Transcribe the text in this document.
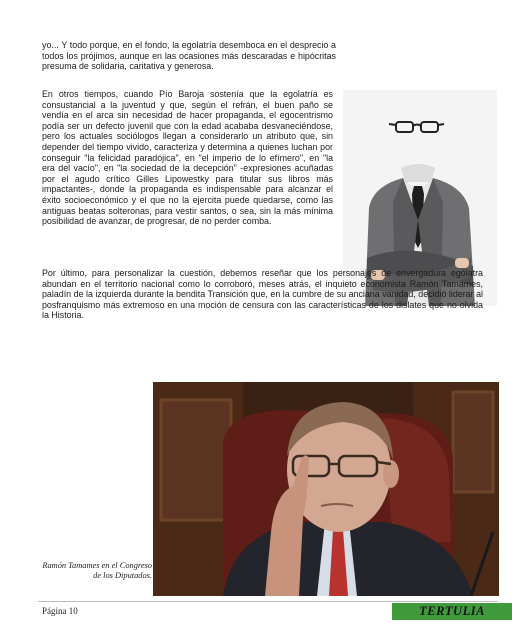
yo... Y todo porque, en el fondo, la egolatría desemboca en el desprecio a todos los prójimos, aunque en las ocasiones más descaradas e hipócritas presuma de solidaria, caritativa y generosa.

En otros tiempos, cuando Pío Baroja sostenía que la egolatría es consustancial a la juventud y que, según el refrán, el buen paño se vendía en el arca sin necesidad de hacer propaganda, el egocentrismo podía ser un defecto juvenil que con la edad acababa desvaneciéndose, pero los actuales sociólogos llegan a considerarlo un atributo que, sin depender del tiempo vivido, caracteriza y determina a quienes luchan por conseguir "la felicidad paradójica", en "el imperio de lo efímero", en "la era del vacío", en "la sociedad de la decepción" -expresiones acuñadas por el agudo crítico Gilles Lipowestky para titular sus libros más impactantes-, donde la propaganda es indispensable para alcanzar el éxito socioeconómico y el que no la ejercita puede quedarse, como las antiguas beatas solteronas, para vestir santos, o sea, sin la más mínima posibilidad de avanzar, de progresar, de no perder comba.

Por último, para personalizar la cuestión, debemos reseñar que los personajes de envergadura ególatra abundan en el territorio nacional como lo corroboró, meses atrás, el inquieto economista Ramón Tamames, paladín de la izquierda durante la bendita Transición que, en la cumbre de su anciana vanidad, decidió liderar al posfranquismo más extremoso en una moción de censura con las características de los dislates que no olvida la Historia.

Ramón Tamames en el Congreso de los Diputados.

Página 10	TERTULIA
